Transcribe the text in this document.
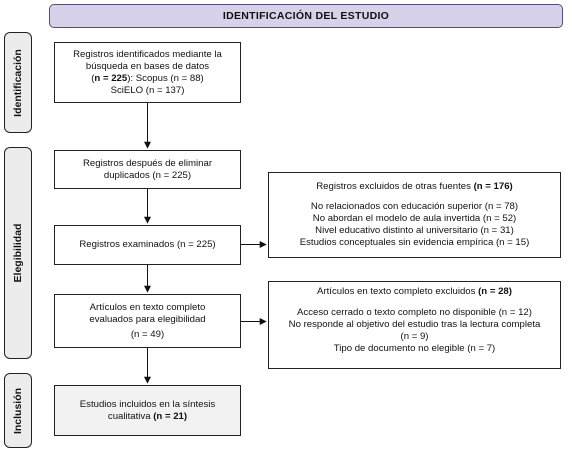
IDENTIFICACIÓN DEL ESTUDIO
Identificación
Elegibilidad
Inclusión
Registros identificados mediante la
búsqueda en bases de datos
(n = 225): Scopus (n = 88)
SciELO (n = 137)
Registros después de eliminar
duplicados (n = 225)
Registros examinados (n = 225)
Artículos en texto completo
evaluados para elegibilidad
(n = 49)
Estudios incluidos en la síntesis
cualitativa (n = 21)
Registros excluidos de otras fuentes (n = 176)
No relacionados con educación superior (n = 78)
No abordan el modelo de aula invertida (n = 52)
Nivel educativo distinto al universitario (n = 31)
Estudios conceptuales sin evidencia empírica (n = 15)
Artículos en texto completo excluidos (n = 28)
Acceso cerrado o texto completo no disponible (n = 12)
No responde al objetivo del estudio tras la lectura completa
(n = 9)
Tipo de documento no elegible (n = 7)
